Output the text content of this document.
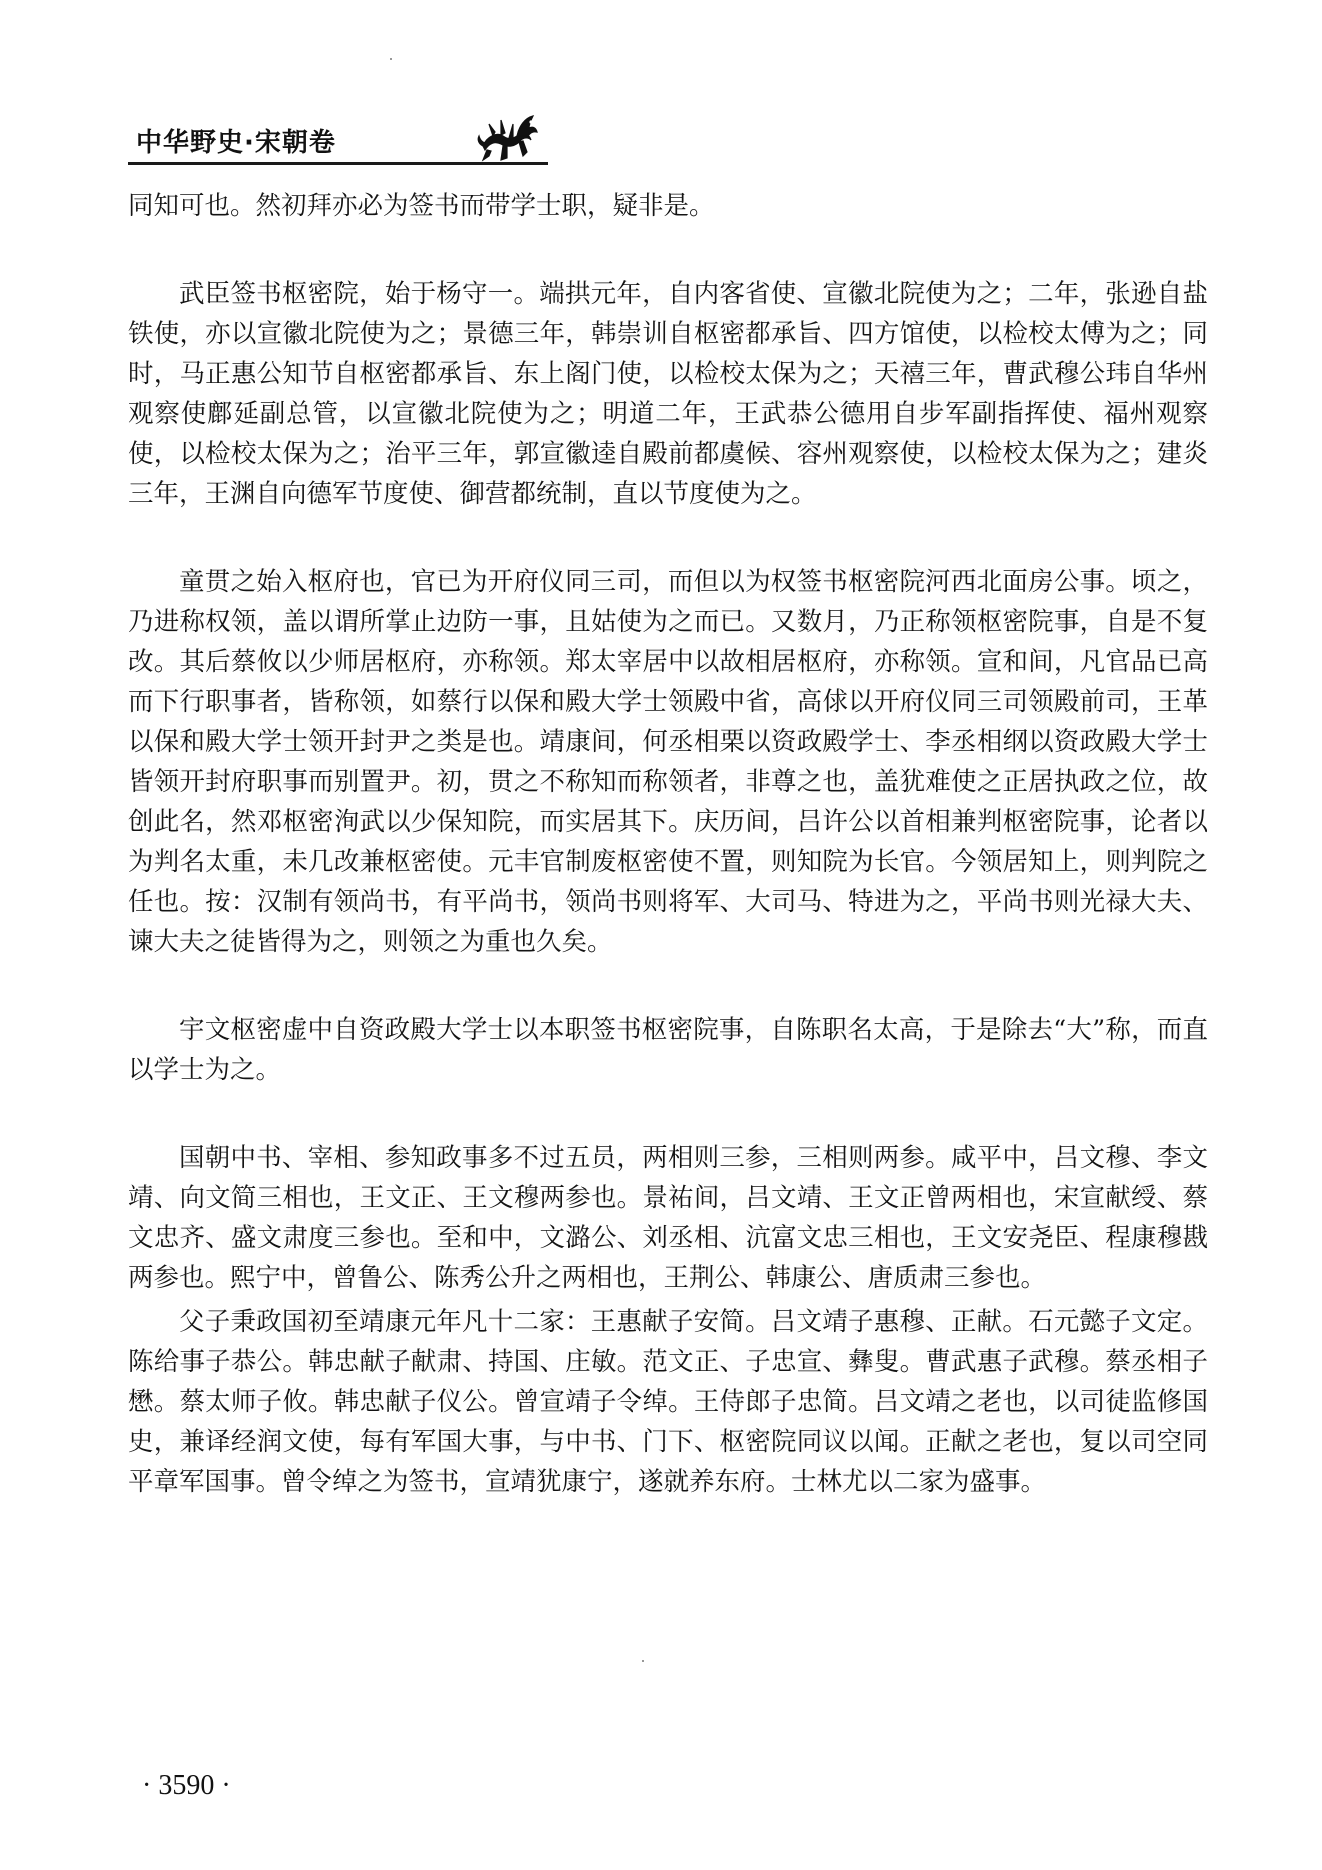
中华野史·宋朝卷

同知可也。然初拜亦必为签书而带学士职，疑非是。

武臣签书枢密院，始于杨守一。端拱元年，自内客省使、宣徽北院使为之；二年，张逊自盐铁使，亦以宣徽北院使为之；景德三年，韩崇训自枢密都承旨、四方馆使，以检校太傅为之；同时，马正惠公知节自枢密都承旨、东上阁门使，以检校太保为之；天禧三年，曹武穆公玮自华州观察使鄜延副总管，以宣徽北院使为之；明道二年，王武恭公德用自步军副指挥使、福州观察使，以检校太保为之；治平三年，郭宣徽逵自殿前都虞候、容州观察使，以检校太保为之；建炎三年，王渊自向德军节度使、御营都统制，直以节度使为之。

童贯之始入枢府也，官已为开府仪同三司，而但以为权签书枢密院河西北面房公事。顷之，乃进称权领，盖以谓所掌止边防一事，且姑使为之而已。又数月，乃正称领枢密院事，自是不复改。其后蔡攸以少师居枢府，亦称领。郑太宰居中以故相居枢府，亦称领。宣和间，凡官品已高而下行职事者，皆称领，如蔡行以保和殿大学士领殿中省，高俅以开府仪同三司领殿前司，王革以保和殿大学士领开封尹之类是也。靖康间，何丞相栗以资政殿学士、李丞相纲以资政殿大学士皆领开封府职事而别置尹。初，贯之不称知而称领者，非尊之也，盖犹难使之正居执政之位，故创此名，然邓枢密洵武以少保知院，而实居其下。庆历间，吕许公以首相兼判枢密院事，论者以为判名太重，未几改兼枢密使。元丰官制废枢密使不置，则知院为长官。今领居知上，则判院之任也。按：汉制有领尚书，有平尚书，领尚书则将军、大司马、特进为之，平尚书则光禄大夫、谏大夫之徒皆得为之，则领之为重也久矣。

宇文枢密虚中自资政殿大学士以本职签书枢密院事，自陈职名太高，于是除去“大”称，而直以学士为之。

国朝中书、宰相、参知政事多不过五员，两相则三参，三相则两参。咸平中，吕文穆、李文靖、向文简三相也，王文正、王文穆两参也。景祐间，吕文靖、王文正曾两相也，宋宣献绶、蔡文忠齐、盛文肃度三参也。至和中，文潞公、刘丞相、沆富文忠三相也，王文安尧臣、程康穆戡两参也。熙宁中，曾鲁公、陈秀公升之两相也，王荆公、韩康公、唐质肃三参也。

父子秉政国初至靖康元年凡十二家：王惠献子安简。吕文靖子惠穆、正献。石元懿子文定。陈给事子恭公。韩忠献子献肃、持国、庄敏。范文正、子忠宣、彝叟。曹武惠子武穆。蔡丞相子懋。蔡太师子攸。韩忠献子仪公。曾宣靖子令绰。王侍郎子忠简。吕文靖之老也，以司徒监修国史，兼译经润文使，每有军国大事，与中书、门下、枢密院同议以闻。正献之老也，复以司空同平章军国事。曾令绰之为签书，宣靖犹康宁，遂就养东府。士林尤以二家为盛事。

· 3590 ·
